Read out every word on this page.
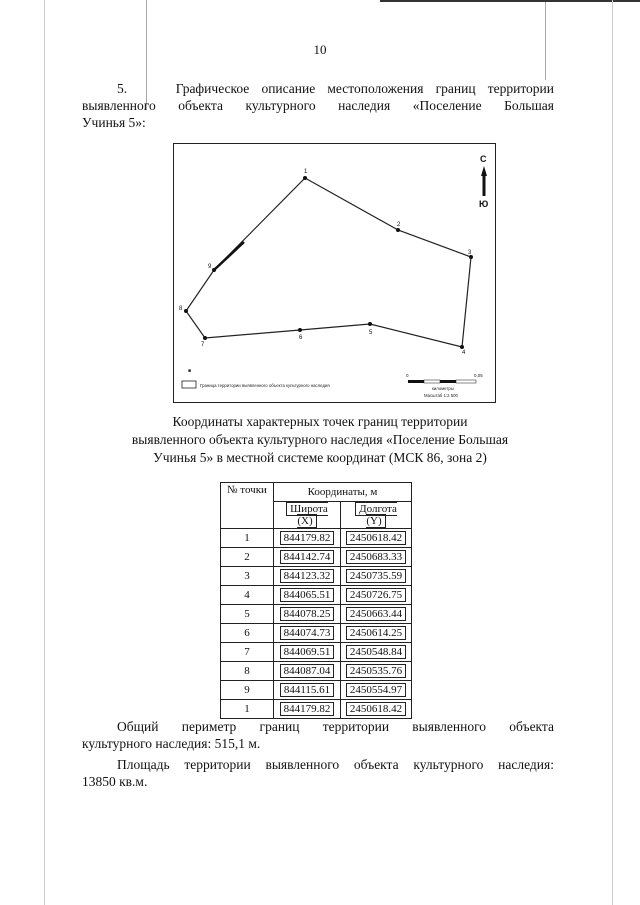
10
5.	Графическое описание местоположения границ территории
выявленного объекта культурного наследия «Поселение Большая
Учинья 5»:
1
2
3
4
5
6
7
8
9
С
Ю
Граница территории выявленного объекта культурного наследия
■
0	0,05
километры
Масштаб 1:2 500
Координаты характерных точек границ территории
выявленного объекта культурного наследия «Поселение Большая
Учинья 5» в местной системе координат (МСК 86, зона 2)
№ точки	Координаты, м	
	Широта (X)	Долгота (Y)
1	844179.82	2450618.42
2	844142.74	2450683.33
3	844123.32	2450735.59
4	844065.51	2450726.75
5	844078.25	2450663.44
6	844074.73	2450614.25
7	844069.51	2450548.84
8	844087.04	2450535.76
9	844115.61	2450554.97
1	844179.82	2450618.42
Общий периметр границ территории выявленного объекта
культурного наследия: 515,1 м.
Площадь территории выявленного объекта культурного наследия:
13850 кв.м.
